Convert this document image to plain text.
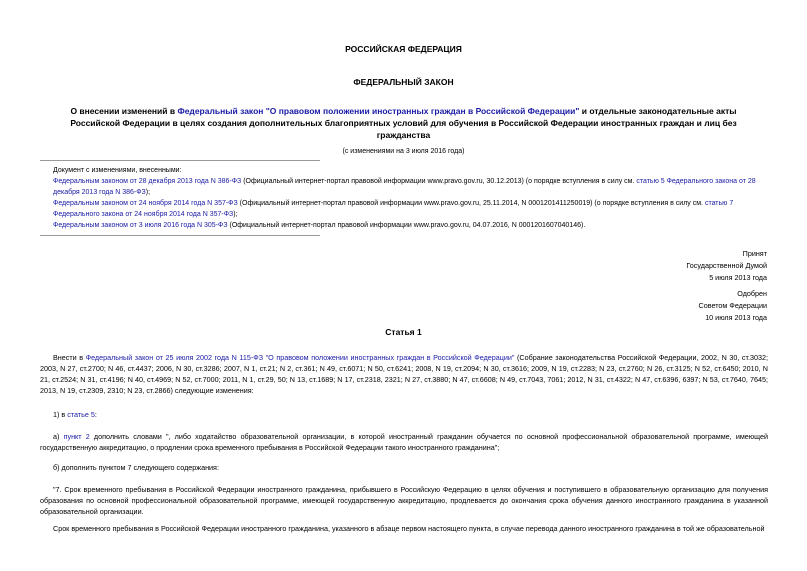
РОССИЙСКАЯ ФЕДЕРАЦИЯ
ФЕДЕРАЛЬНЫЙ ЗАКОН
О внесении изменений в Федеральный закон "О правовом положении иностранных граждан в Российской Федерации" и отдельные законодательные акты Российской Федерации в целях создания дополнительных благоприятных условий для обучения в Российской Федерации иностранных граждан и лиц без гражданства
(с изменениями на 3 июля 2016 года)
Документ с изменениями, внесенными:
Федеральным законом от 28 декабря 2013 года N 386-ФЗ (Официальный интернет-портал правовой информации www.pravo.gov.ru, 30.12.2013) (о порядке вступления в силу см. статью 5 Федерального закона от 28 декабря 2013 года N 386-ФЗ);
Федеральным законом от 24 ноября 2014 года N 357-ФЗ (Официальный интернет-портал правовой информации www.pravo.gov.ru, 25.11.2014, N 0001201411250019) (о порядке вступления в силу см. статью 7 Федерального закона от 24 ноября 2014 года N 357-ФЗ);
Федеральным законом от 3 июля 2016 года N 305-ФЗ (Официальный интернет-портал правовой информации www.pravo.gov.ru, 04.07.2016, N 0001201607040146).
Принят
Государственной Думой
5 июля 2013 года
Одобрен
Советом Федерации
10 июля 2013 года
Статья 1
Внести в Федеральный закон от 25 июля 2002 года N 115-ФЗ "О правовом положении иностранных граждан в Российской Федерации" (Собрание законодательства Российской Федерации, 2002, N 30, ст.3032; 2003, N 27, ст.2700; N 46, ст.4437; 2006, N 30, ст.3286; 2007, N 1, ст.21; N 2, ст.361; N 49, ст.6071; N 50, ст.6241; 2008, N 19, ст.2094; N 30, ст.3616; 2009, N 19, ст.2283; N 23, ст.2760; N 26, ст.3125; N 52, ст.6450; 2010, N 21, ст.2524; N 31, ст.4196; N 40, ст.4969; N 52, ст.7000; 2011, N 1, ст.29, 50; N 13, ст.1689; N 17, ст.2318, 2321; N 27, ст.3880; N 47, ст.6608; N 49, ст.7043, 7061; 2012, N 31, ст.4322; N 47, ст.6396, 6397; N 53, ст.7640, 7645; 2013, N 19, ст.2309, 2310; N 23, ст.2866) следующие изменения:
1) в статье 5:
а) пункт 2 дополнить словами ", либо ходатайство образовательной организации, в которой иностранный гражданин обучается по основной профессиональной образовательной программе, имеющей государственную аккредитацию, о продлении срока временного пребывания в Российской Федерации такого иностранного гражданина";
б) дополнить пунктом 7 следующего содержания:
"7. Срок временного пребывания в Российской Федерации иностранного гражданина, прибывшего в Российскую Федерацию в целях обучения и поступившего в образовательную организацию для получения образования по основной профессиональной образовательной программе, имеющей государственную аккредитацию, продлевается до окончания срока обучения данного иностранного гражданина в указанной образовательной организации.
Срок временного пребывания в Российской Федерации иностранного гражданина, указанного в абзаце первом настоящего пункта, в случае перевода данного иностранного гражданина в той же образовательной
